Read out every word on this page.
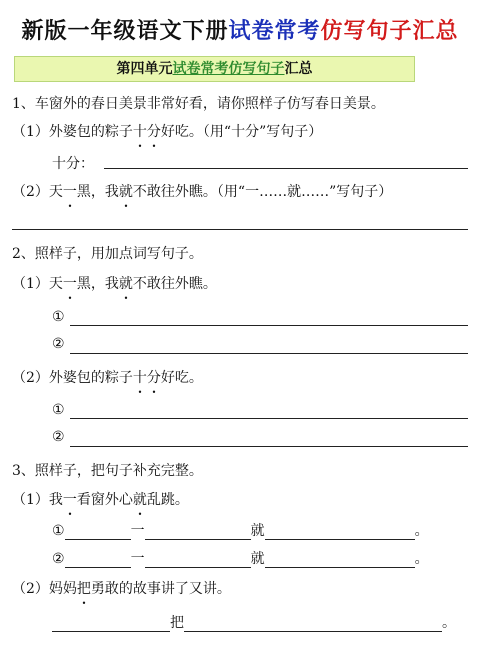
新版一年级语文下册试卷常考仿写句子汇总
第四单元试卷常考仿写句子汇总
1、车窗外的春日美景非常好看，请你照样子仿写春日美景。
（1）外婆包的粽子十分好吃。（用“十分”写句子）
十分：
（2）天一黑，我就不敢往外瞧。（用“一……就……”写句子）
2、照样子，用加点词写句子。
（1）天一黑，我就不敢往外瞧。
①
②
（2）外婆包的粽子十分好吃。
①
②
3、照样子，把句子补充完整。
（1）我一看窗外心就乱跳。
①	一	就	。
②	一	就	。
（2）妈妈把勇敢的故事讲了又讲。
把	。
